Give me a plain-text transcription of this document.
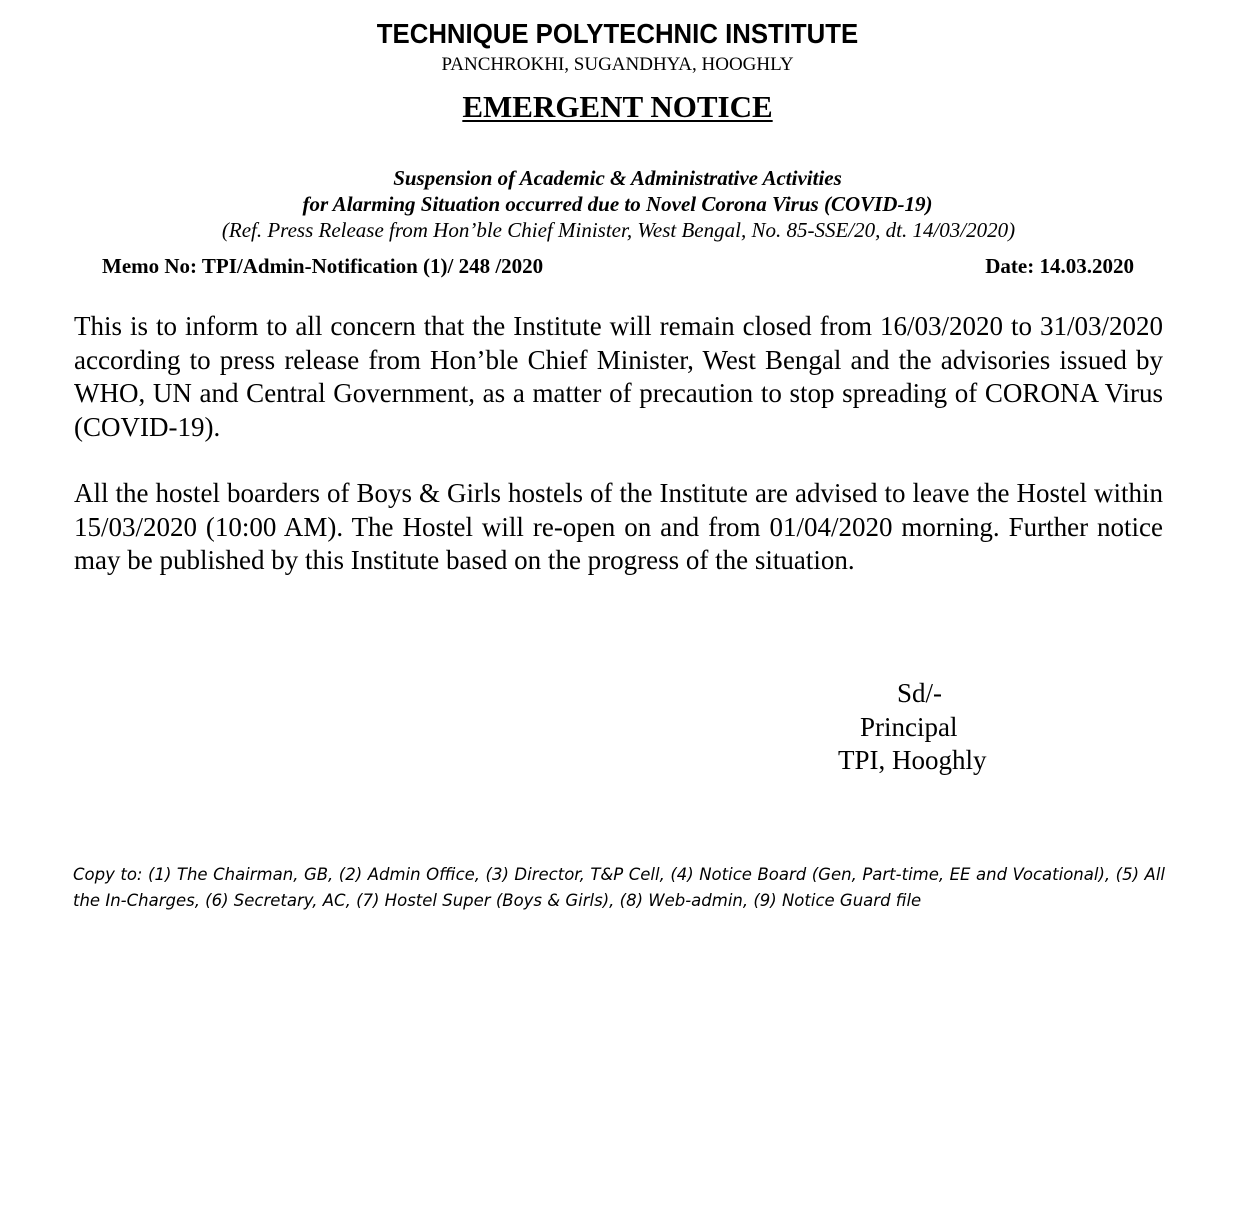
TECHNIQUE POLYTECHNIC INSTITUTE
PANCHROKHI, SUGANDHYA, HOOGHLY
EMERGENT NOTICE
Suspension of Academic & Administrative Activities
for Alarming Situation occurred due to Novel Corona Virus (COVID-19)
(Ref. Press Release from Hon’ble Chief Minister, West Bengal, No. 85-SSE/20, dt. 14/03/2020)
Memo No: TPI/Admin-Notification (1)/ 248 /2020	Date: 14.03.2020
This is to inform to all concern that the Institute will remain closed from 16/03/2020 to 31/03/2020 according to press release from Hon’ble Chief Minister, West Bengal and the advisories issued by WHO, UN and Central Government, as a matter of precaution to stop spreading of CORONA Virus (COVID-19).
All the hostel boarders of Boys & Girls hostels of the Institute are advised to leave the Hostel within 15/03/2020 (10:00 AM). The Hostel will re-open on and from 01/04/2020 morning. Further notice may be published by this Institute based on the progress of the situation.
Sd/-
Principal
TPI, Hooghly
Copy to: (1) The Chairman, GB, (2) Admin Office, (3) Director, T&P Cell, (4) Notice Board (Gen, Part-time, EE and Vocational), (5) All the In-Charges, (6) Secretary, AC, (7) Hostel Super (Boys & Girls), (8) Web-admin, (9) Notice Guard file
